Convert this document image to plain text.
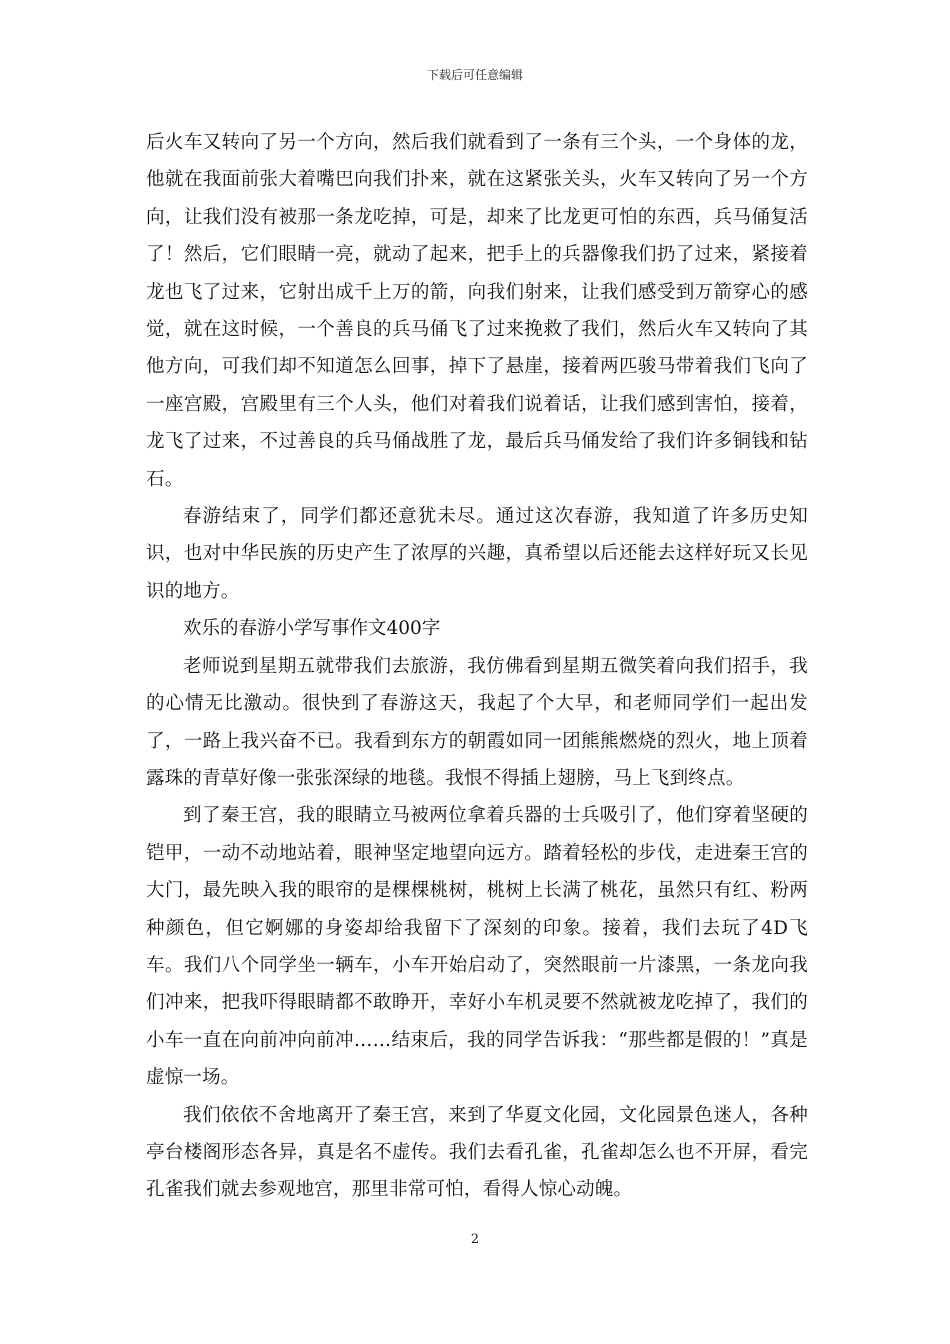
下载后可任意编辑

后火车又转向了另一个方向，然后我们就看到了一条有三个头，一个身体的龙，他就在我面前张大着嘴巴向我们扑来，就在这紧张关头，火车又转向了另一个方向，让我们没有被那一条龙吃掉，可是，却来了比龙更可怕的东西，兵马俑复活了！然后，它们眼睛一亮，就动了起来，把手上的兵器像我们扔了过来，紧接着龙也飞了过来，它射出成千上万的箭，向我们射来，让我们感受到万箭穿心的感觉，就在这时候，一个善良的兵马俑飞了过来挽救了我们，然后火车又转向了其他方向，可我们却不知道怎么回事，掉下了悬崖，接着两匹骏马带着我们飞向了一座宫殿，宫殿里有三个人头，他们对着我们说着话，让我们感到害怕，接着，龙飞了过来，不过善良的兵马俑战胜了龙，最后兵马俑发给了我们许多铜钱和钻石。

春游结束了，同学们都还意犹未尽。通过这次春游，我知道了许多历史知识，也对中华民族的历史产生了浓厚的兴趣，真希望以后还能去这样好玩又长见识的地方。

欢乐的春游小学写事作文400字

老师说到星期五就带我们去旅游，我仿佛看到星期五微笑着向我们招手，我的心情无比激动。很快到了春游这天，我起了个大早，和老师同学们一起出发了，一路上我兴奋不已。我看到东方的朝霞如同一团熊熊燃烧的烈火，地上顶着露珠的青草好像一张张深绿的地毯。我恨不得插上翅膀，马上飞到终点。

到了秦王宫，我的眼睛立马被两位拿着兵器的士兵吸引了，他们穿着坚硬的铠甲，一动不动地站着，眼神坚定地望向远方。踏着轻松的步伐，走进秦王宫的大门，最先映入我的眼帘的是棵棵桃树，桃树上长满了桃花，虽然只有红、粉两种颜色，但它婀娜的身姿却给我留下了深刻的印象。接着，我们去玩了4D飞车。我们八个同学坐一辆车，小车开始启动了，突然眼前一片漆黑，一条龙向我们冲来，把我吓得眼睛都不敢睁开，幸好小车机灵要不然就被龙吃掉了，我们的小车一直在向前冲向前冲……结束后，我的同学告诉我：“那些都是假的！”真是虚惊一场。

我们依依不舍地离开了秦王宫，来到了华夏文化园，文化园景色迷人，各种亭台楼阁形态各异，真是名不虚传。我们去看孔雀，孔雀却怎么也不开屏，看完孔雀我们就去参观地宫，那里非常可怕，看得人惊心动魄。

2
